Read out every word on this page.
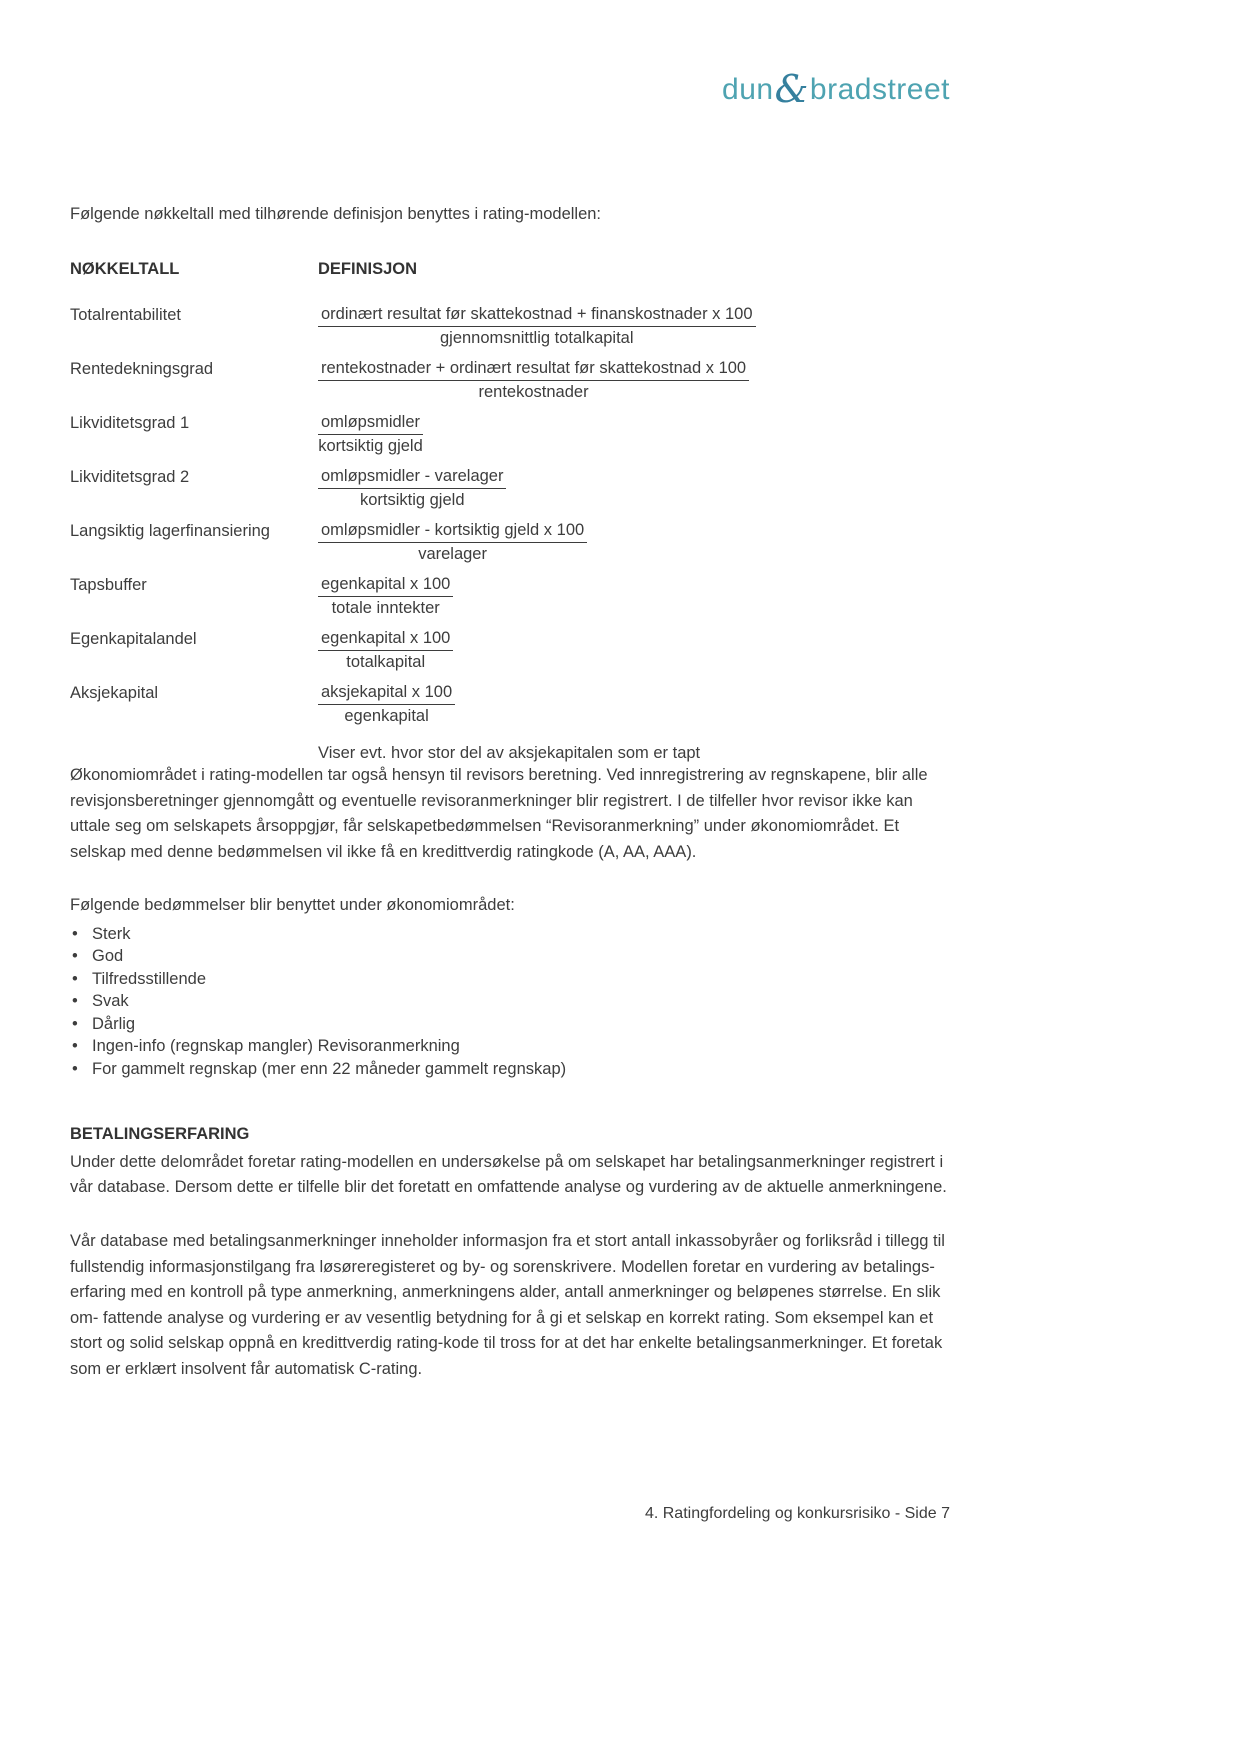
dun&bradstreet

Følgende nøkkeltall med tilhørende definisjon benyttes i rating-modellen:

NØKKELTALL	DEFINISJON
Totalrentabilitet	$\frac{\text{ordinært resultat før skattekostnad + finanskostnader x 100}}{\text{gjennomsnittlig totalkapital}}$
Rentedekningsgrad	$\frac{\text{rentekostnader + ordinært resultat før skattekostnad x 100}}{\text{rentekostnader}}$
Likviditetsgrad 1	$\frac{\text{omløpsmidler}}{\text{kortsiktig gjeld}}$
Likviditetsgrad 2	$\frac{\text{omløpsmidler - varelager}}{\text{kortsiktig gjeld}}$
Langsiktig lagerfinansiering	$\frac{\text{omløpsmidler - kortsiktig gjeld x 100}}{\text{varelager}}$
Tapsbuffer	$\frac{\text{egenkapital x 100}}{\text{totale inntekter}}$
Egenkapitalandel	$\frac{\text{egenkapital x 100}}{\text{totalkapital}}$
Aksjekapital	$\frac{\text{aksjekapital x 100}}{\text{egenkapital}}$
Viser evt. hvor stor del av aksjekapitalen som er tapt

Økonomiområdet i rating-modellen tar også hensyn til revisors beretning. Ved innregistrering av regnskapene, blir alle revisjonsberetninger gjennomgått og eventuelle revisoranmerkninger blir registrert. I de tilfeller hvor revisor ikke kan uttale seg om selskapets årsoppgjør, får selskapetbedømmelsen “Revisoranmerkning” under økonomiområdet. Et selskap med denne bedømmelsen vil ikke få en kredittverdig ratingkode (A, AA, AAA).

Følgende bedømmelser blir benyttet under økonomiområdet:

• Sterk
• God
• Tilfredsstillende
• Svak
• Dårlig
• Ingen-info (regnskap mangler) Revisoranmerkning
• For gammelt regnskap (mer enn 22 måneder gammelt regnskap)
BETALINGSERFARING

Under dette delområdet foretar rating-modellen en undersøkelse på om selskapet har betalingsanmerkninger registrert i vår database. Dersom dette er tilfelle blir det foretatt en omfattende analyse og vurdering av de aktuelle anmerkningene.

Vår database med betalingsanmerkninger inneholder informasjon fra et stort antall inkassobyråer og forliksråd i tillegg til fullstendig informasjonstilgang fra løsøreregisteret og by- og sorenskrivere. Modellen foretar en vurdering av betalings- erfaring med en kontroll på type anmerkning, anmerkningens alder, antall anmerkninger og beløpenes størrelse. En slik om- fattende analyse og vurdering er av vesentlig betydning for å gi et selskap en korrekt rating. Som eksempel kan et stort og solid selskap oppnå en kredittverdig rating-kode til tross for at det har enkelte betalingsanmerkninger. Et foretak som er erklært insolvent får automatisk C-rating.

4. Ratingfordeling og konkursrisiko - Side 7
